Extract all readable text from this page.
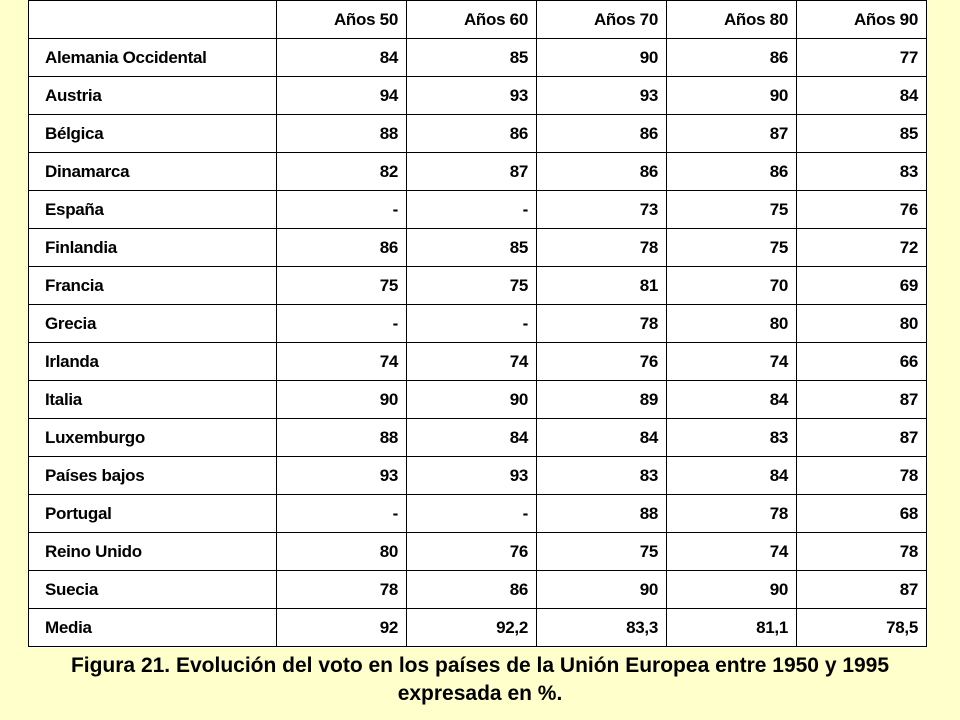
	Años 50	Años 60	Años 70	Años 80	Años 90
Alemania Occidental	84	85	90	86	77
Austria	94	93	93	90	84
Bélgica	88	86	86	87	85
Dinamarca	82	87	86	86	83
España	-	-	73	75	76
Finlandia	86	85	78	75	72
Francia	75	75	81	70	69
Grecia	-	-	78	80	80
Irlanda	74	74	76	74	66
Italia	90	90	89	84	87
Luxemburgo	88	84	84	83	87
Países bajos	93	93	83	84	78
Portugal	-	-	88	78	68
Reino Unido	80	76	75	74	78
Suecia	78	86	90	90	87
Media	92	92,2	83,3	81,1	78,5
Figura 21. Evolución del voto en los países de la Unión Europea entre 1950 y 1995
expresada en %.
